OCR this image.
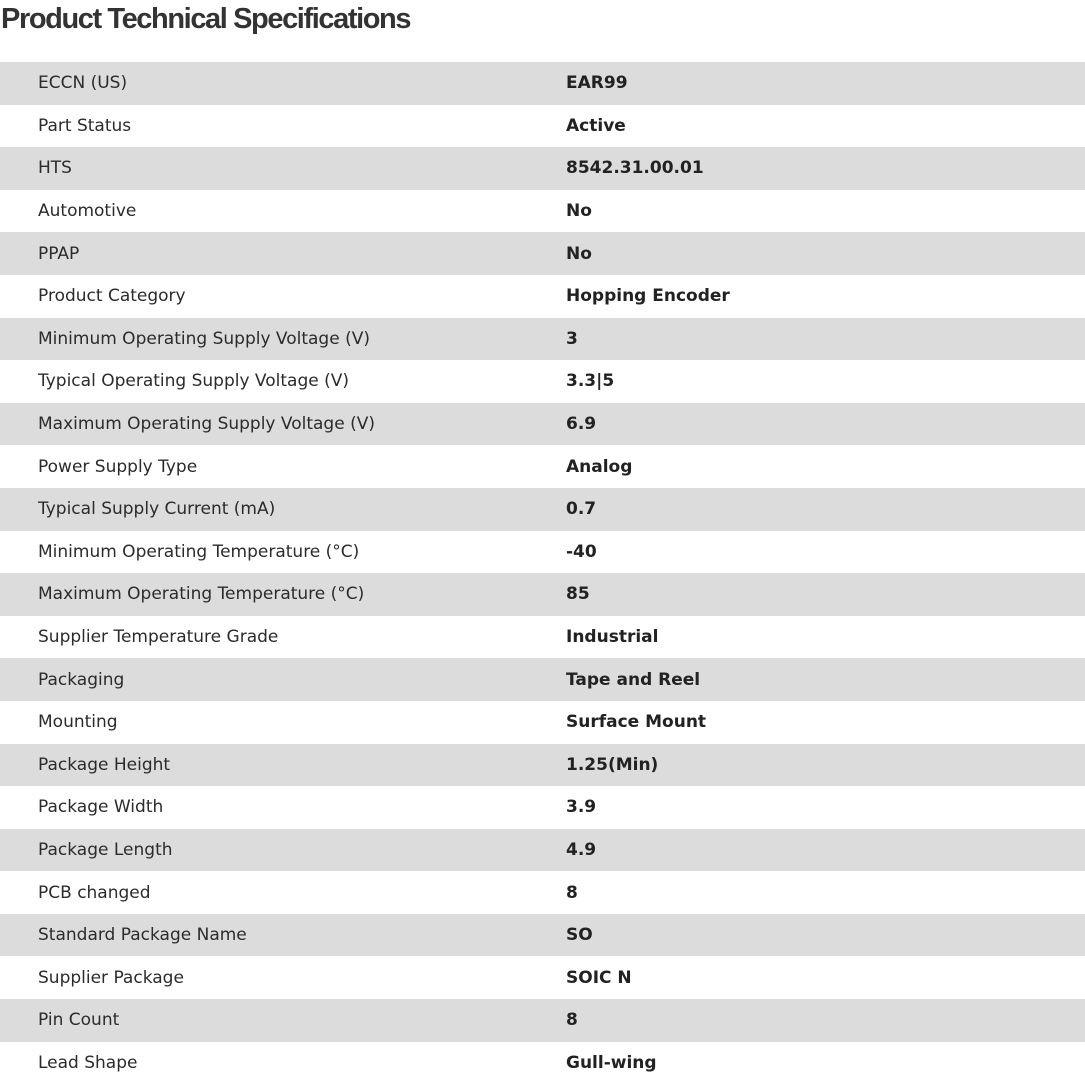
Product Technical Specifications
ECCN (US)	EAR99
Part Status	Active
HTS	8542.31.00.01
Automotive	No
PPAP	No
Product Category	Hopping Encoder
Minimum Operating Supply Voltage (V)	3
Typical Operating Supply Voltage (V)	3.3|5
Maximum Operating Supply Voltage (V)	6.9
Power Supply Type	Analog
Typical Supply Current (mA)	0.7
Minimum Operating Temperature (°C)	-40
Maximum Operating Temperature (°C)	85
Supplier Temperature Grade	Industrial
Packaging	Tape and Reel
Mounting	Surface Mount
Package Height	1.25(Min)
Package Width	3.9
Package Length	4.9
PCB changed	8
Standard Package Name	SO
Supplier Package	SOIC N
Pin Count	8
Lead Shape	Gull-wing
